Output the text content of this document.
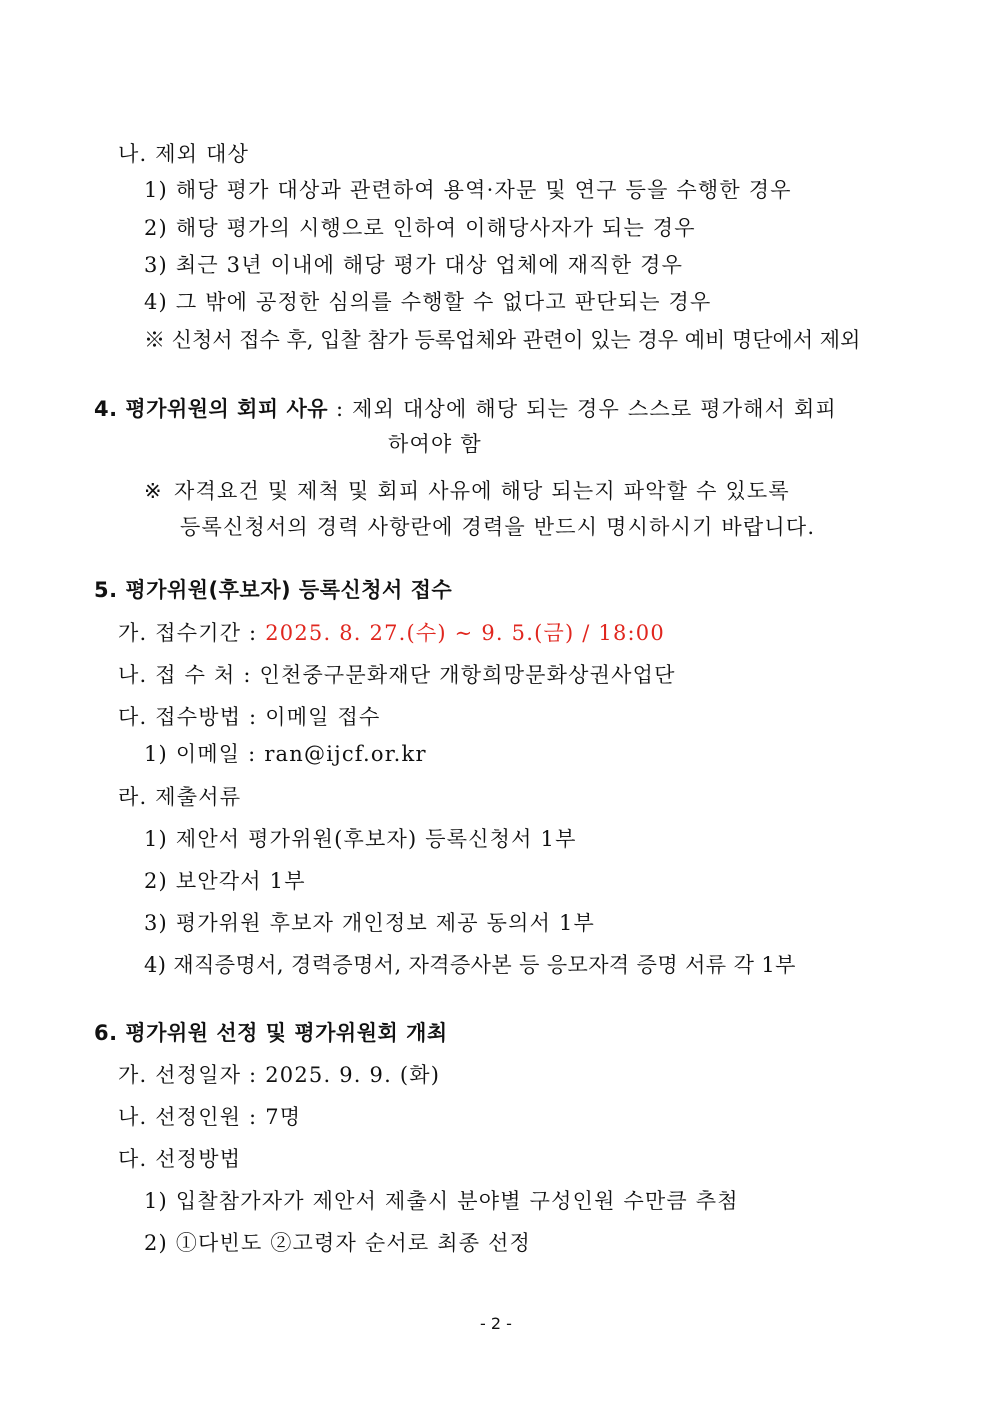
나. 제외 대상
1) 해당 평가 대상과 관련하여 용역·자문 및 연구 등을 수행한 경우
2) 해당 평가의 시행으로 인하여 이해당사자가 되는 경우
3) 최근 3년 이내에 해당 평가 대상 업체에 재직한 경우
4) 그 밖에 공정한 심의를 수행할 수 없다고 판단되는 경우
※ 신청서 접수 후, 입찰 참가 등록업체와 관련이 있는 경우 예비 명단에서 제외
4. 평가위원의 회피 사유 : 제외 대상에 해당 되는 경우 스스로 평가해서 회피
하여야 함
※ 자격요건 및 제척 및 회피 사유에 해당 되는지 파악할 수 있도록
등록신청서의 경력 사항란에 경력을 반드시 명시하시기 바랍니다.
5. 평가위원(후보자) 등록신청서 접수
가. 접수기간 : 2025. 8. 27.(수) ∼ 9. 5.(금) / 18:00
나. 접 수 처 : 인천중구문화재단 개항희망문화상권사업단
다. 접수방법 : 이메일 접수
1) 이메일 : ran@ijcf.or.kr
라. 제출서류
1) 제안서 평가위원(후보자) 등록신청서 1부
2) 보안각서 1부
3) 평가위원 후보자 개인정보 제공 동의서 1부
4) 재직증명서, 경력증명서, 자격증사본 등 응모자격 증명 서류 각 1부
6. 평가위원 선정 및 평가위원회 개최
가. 선정일자 : 2025. 9. 9. (화)
나. 선정인원 : 7명
다. 선정방법
1) 입찰참가자가 제안서 제출시 분야별 구성인원 수만큼 추첨
2) ①다빈도 ②고령자 순서로 최종 선정
- 2 -
